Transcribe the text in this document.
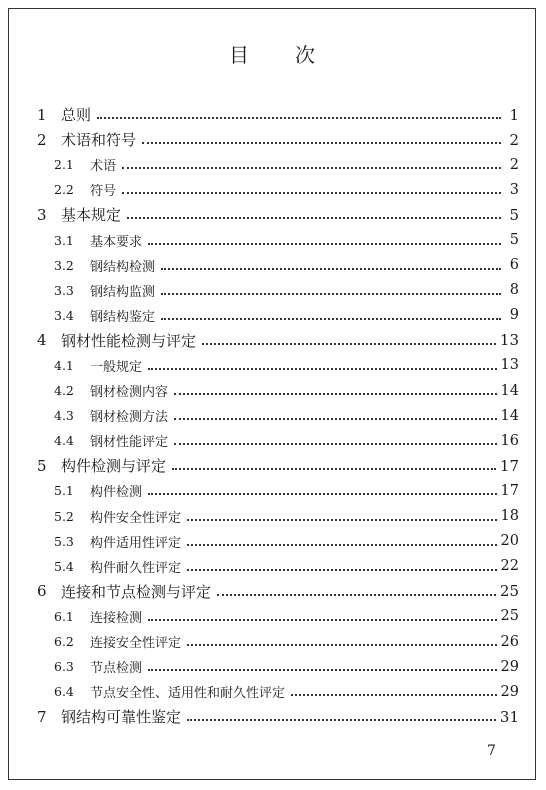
目 次
1 总则	1
2 术语和符号	2
2.1	术语	2
2.2	符号	3
3 基本规定	5
3.1	基本要求	5
3.2	钢结构检测	6
3.3	钢结构监测	8
3.4	钢结构鉴定	9
4 钢材性能检测与评定	13
4.1	一般规定	13
4.2	钢材检测内容	14
4.3	钢材检测方法	14
4.4	钢材性能评定	16
5 构件检测与评定	17
5.1	构件检测	17
5.2	构件安全性评定	18
5.3	构件适用性评定	20
5.4	构件耐久性评定	22
6 连接和节点检测与评定	25
6.1	连接检测	25
6.2	连接安全性评定	26
6.3	节点检测	29
6.4	节点安全性、适用性和耐久性评定	29
7 钢结构可靠性鉴定	31
7
